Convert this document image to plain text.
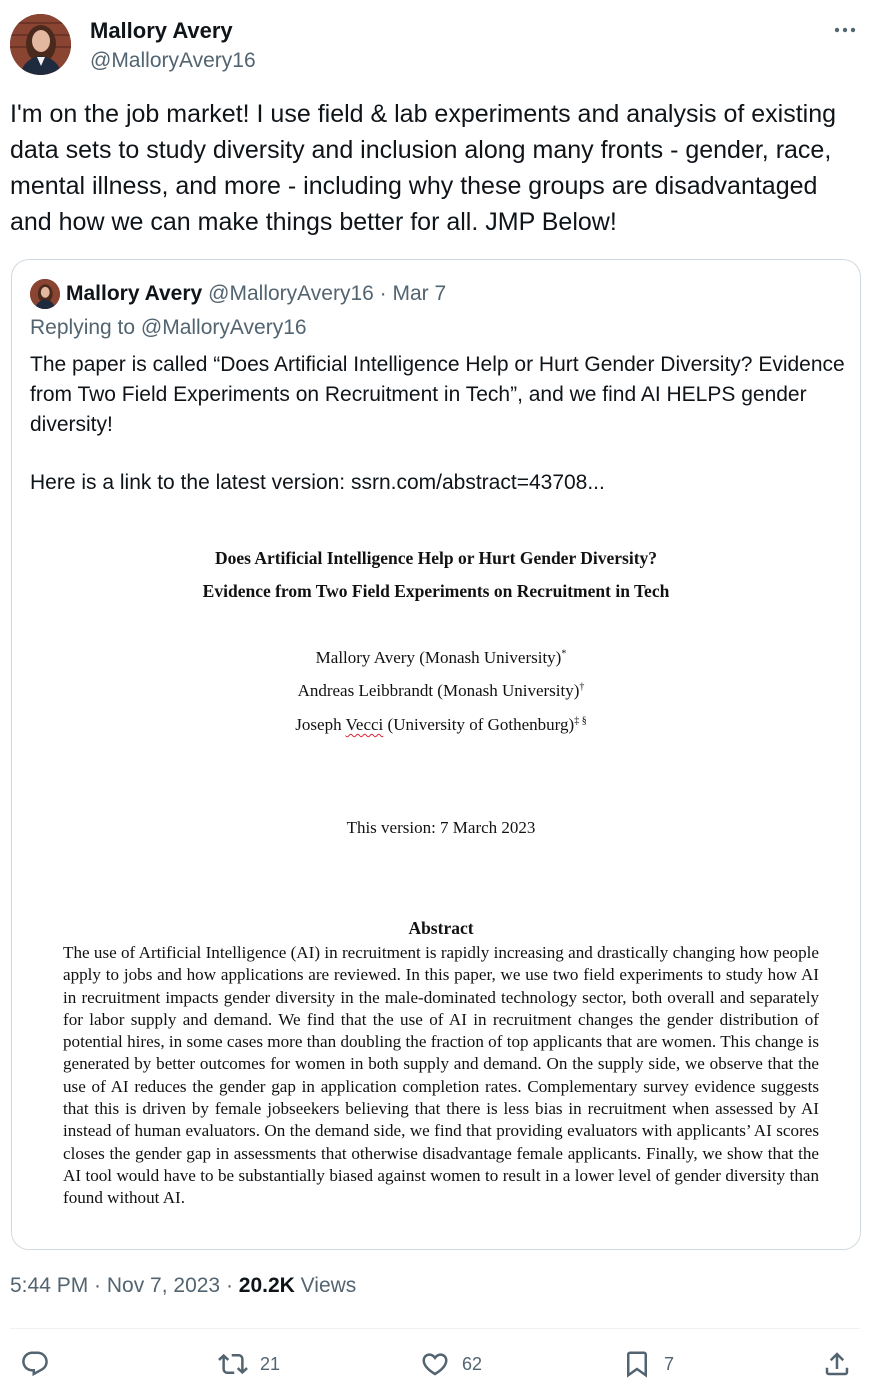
Mallory Avery
@MalloryAvery16
I'm on the job market! I use field & lab experiments and analysis of existing data sets to study diversity and inclusion along many fronts - gender, race, mental illness, and more - including why these groups are disadvantaged and how we can make things better for all. JMP Below!
Mallory Avery @MalloryAvery16 · Mar 7
Replying to @MalloryAvery16
The paper is called “Does Artificial Intelligence Help or Hurt Gender Diversity? Evidence from Two Field Experiments on Recruitment in Tech”, and we find AI HELPS gender diversity!
Here is a link to the latest version: ssrn.com/abstract=43708...
Does Artificial Intelligence Help or Hurt Gender Diversity?
Evidence from Two Field Experiments on Recruitment in Tech
Mallory Avery (Monash University)*
Andreas Leibbrandt (Monash University)†
Joseph Vecci (University of Gothenburg)‡ §
This version: 7 March 2023
Abstract
The use of Artificial Intelligence (AI) in recruitment is rapidly increasing and drastically changing how people apply to jobs and how applications are reviewed. In this paper, we use two field experiments to study how AI in recruitment impacts gender diversity in the male-dominated technology sector, both overall and separately for labor supply and demand. We find that the use of AI in recruitment changes the gender distribution of potential hires, in some cases more than doubling the fraction of top applicants that are women. This change is generated by better outcomes for women in both supply and demand. On the supply side, we observe that the use of AI reduces the gender gap in application completion rates. Complementary survey evidence suggests that this is driven by female jobseekers believing that there is less bias in recruitment when assessed by AI instead of human evaluators. On the demand side, we find that providing evaluators with applicants’ AI scores closes the gender gap in assessments that otherwise disadvantage female applicants. Finally, we show that the AI tool would have to be substantially biased against women to result in a lower level of gender diversity than found without AI.
5:44 PM · Nov 7, 2023 · 20.2K Views
21	62	7
